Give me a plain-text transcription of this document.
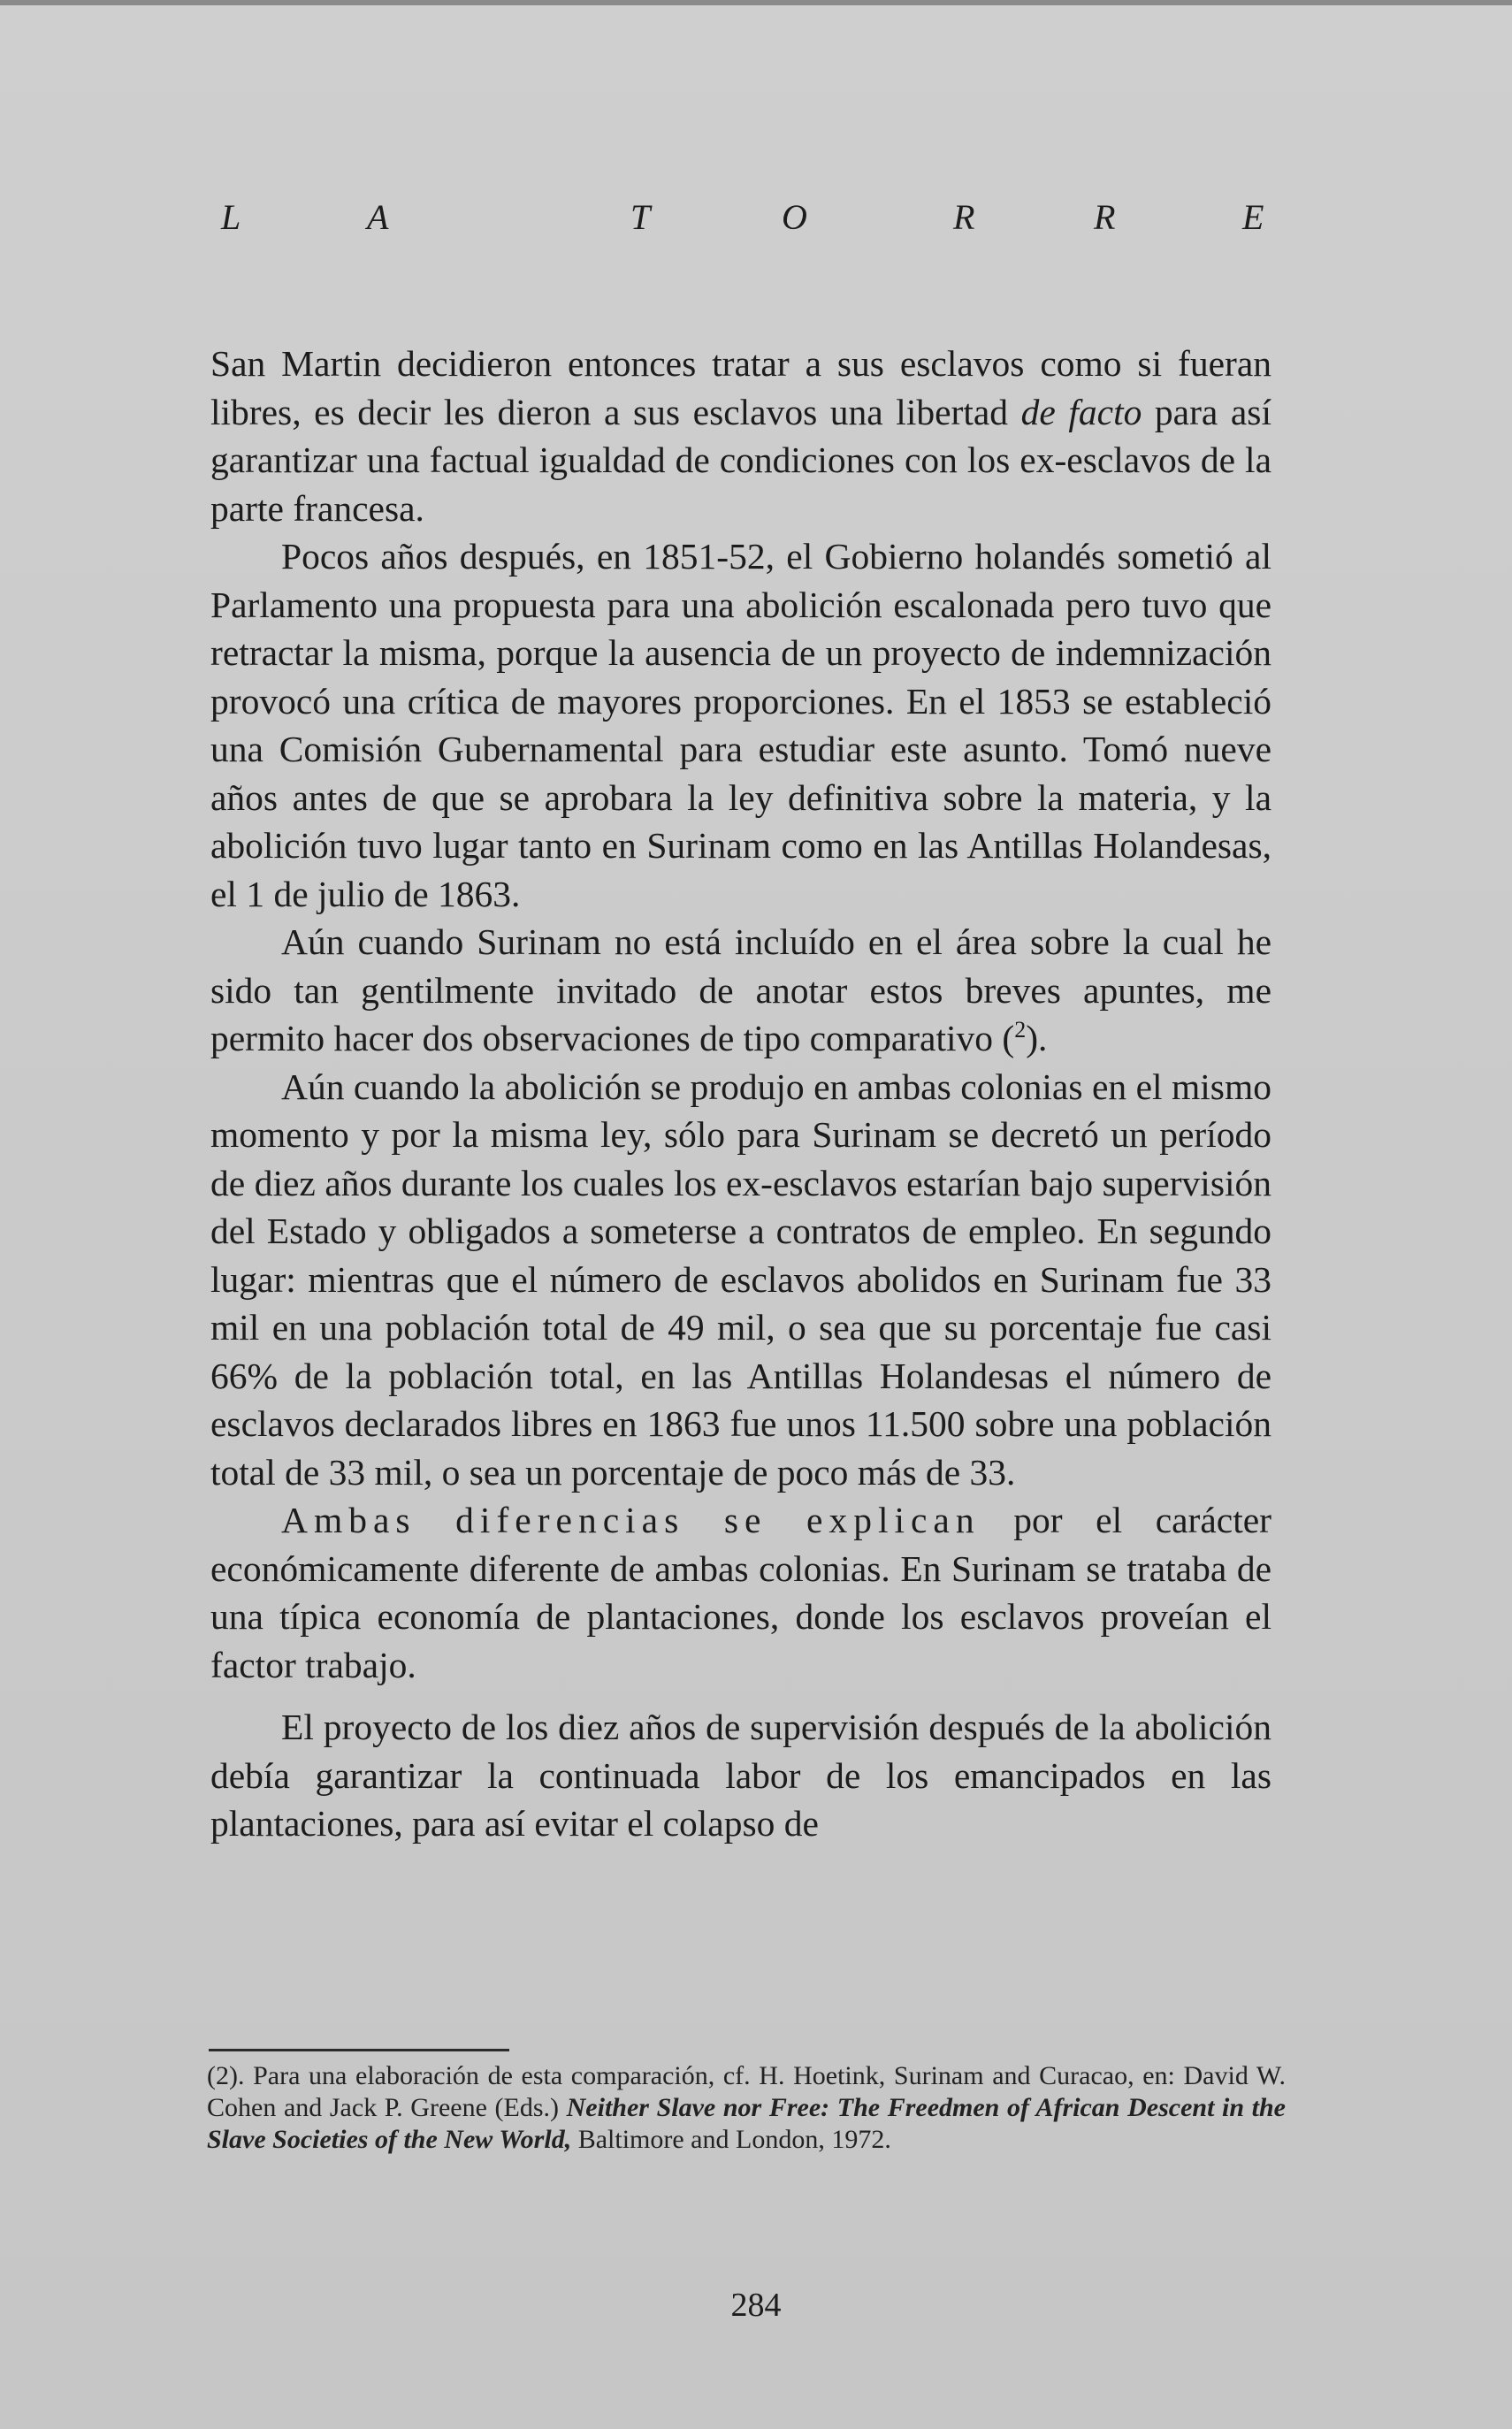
L	A	T	O	R	R	E

San Martin decidieron entonces tratar a sus esclavos como si fueran libres, es decir les dieron a sus esclavos una libertad de facto para así garantizar una factual igualdad de condiciones con los ex-esclavos de la parte francesa.

Pocos años después, en 1851-52, el Gobierno holandés sometió al Parlamento una propuesta para una abolición escalonada pero tuvo que retractar la misma, porque la ausencia de un proyecto de indemnización provocó una crítica de mayores proporciones. En el 1853 se estableció una Comisión Gubernamental para estudiar este asunto. Tomó nueve años antes de que se aprobara la ley definitiva sobre la materia, y la abolición tuvo lugar tanto en Surinam como en las Antillas Holandesas, el 1 de julio de 1863.

Aún cuando Surinam no está incluído en el área sobre la cual he sido tan gentilmente invitado de anotar estos breves apuntes, me permito hacer dos observaciones de tipo comparativo ($^2$).

Aún cuando la abolición se produjo en ambas colonias en el mismo momento y por la misma ley, sólo para Surinam se decretó un período de diez años durante los cuales los ex-esclavos estarían bajo supervisión del Estado y obligados a someterse a contratos de empleo. En segundo lugar: mientras que el número de esclavos abolidos en Surinam fue 33 mil en una población total de 49 mil, o sea que su porcentaje fue casi 66% de la población total, en las Antillas Holandesas el número de esclavos declarados libres en 1863 fue unos 11.500 sobre una población total de 33 mil, o sea un porcentaje de poco más de 33.

Ambas diferencias se explican por el carácter económicamente diferente de ambas colonias. En Surinam se trataba de una típica economía de plantaciones, donde los esclavos proveían el factor trabajo.

El proyecto de los diez años de supervisión después de la abolición debía garantizar la continuada labor de los emancipados en las plantaciones, para así evitar el colapso de

(2). Para una elaboración de esta comparación, cf. H. Hoetink, Surinam and Curacao, en: David W. Cohen and Jack P. Greene (Eds.) Neither Slave nor Free: The Freedmen of African Descent in the Slave Societies of the New World, Baltimore and London, 1972.
284
